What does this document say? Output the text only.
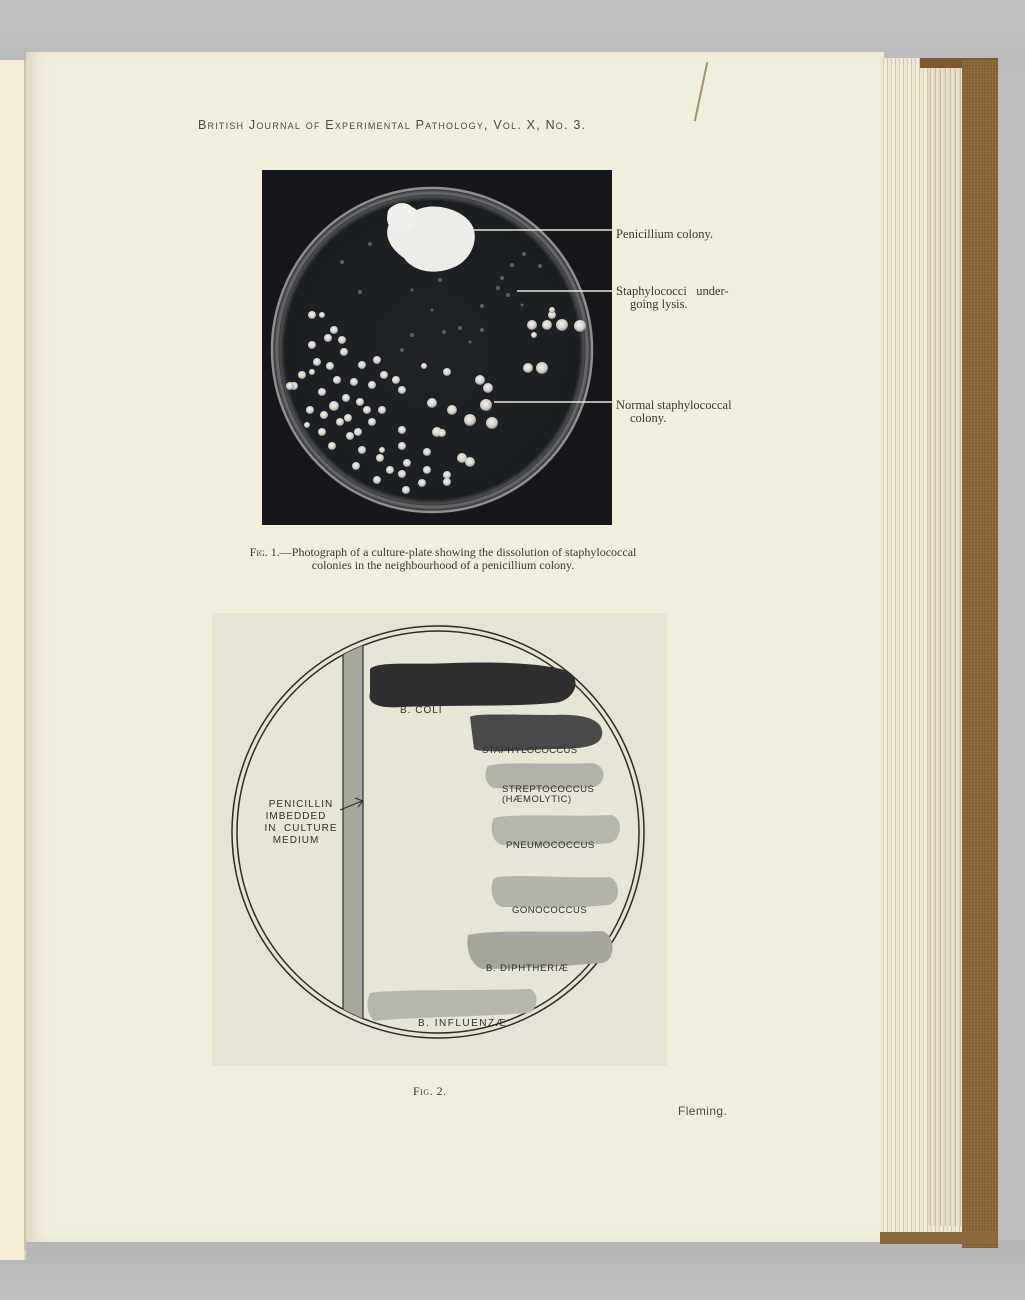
British Journal of Experimental Pathology, Vol. X, No. 3.
Penicillium colony.
Staphylococci   under-
going lysis.
Normal staphylococcal
colony.
Fig. 1.—Photograph of a culture-plate showing the dissolution of staphylococcal
colonies in the neighbourhood of a penicillium colony.
PENICILLIN
IMBEDDED
IN  CULTURE
MEDIUM
B. COLI
STAPHYLOCOCCUS
STREPTOCOCCUS
(HÆMOLYTIC)
PNEUMOCOCCUS
GONOCOCCUS
B. DIPHTHERIÆ
B. INFLUENZÆ
Fig. 2.
Fleming.
